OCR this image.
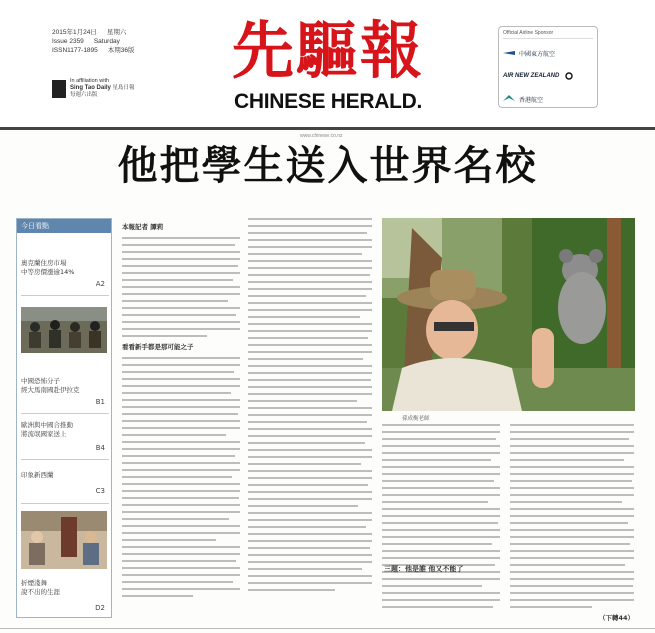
2015年1月24日 星期六
Issue 2359 Saturday
ISSN1177-1895 本期36版
In affiliation with
Sing Tao Daily 星島日報
每週六出版
先驅報
CHINESE HERALD.
Official Airline Sponsor
中國東方航空
AIR NEW ZEALAND
香港航空
www.chinese.co.nz
他把學生送入世界名校
今日看點
奧克蘭住房市場
中等房價漲逾14%
A2
中國恐怖分子
經大馬南國赴伊拉克
B1
歐洲與中國合推動
將流氓國家送上
B4
印象新西蘭
C3
折煙淺舞
說不出的生涯
D2
本報記者 譚莉
看看新手都是那可能之子
孫成衡老師
（下轉44）
三題：他是誰 他又不能了
